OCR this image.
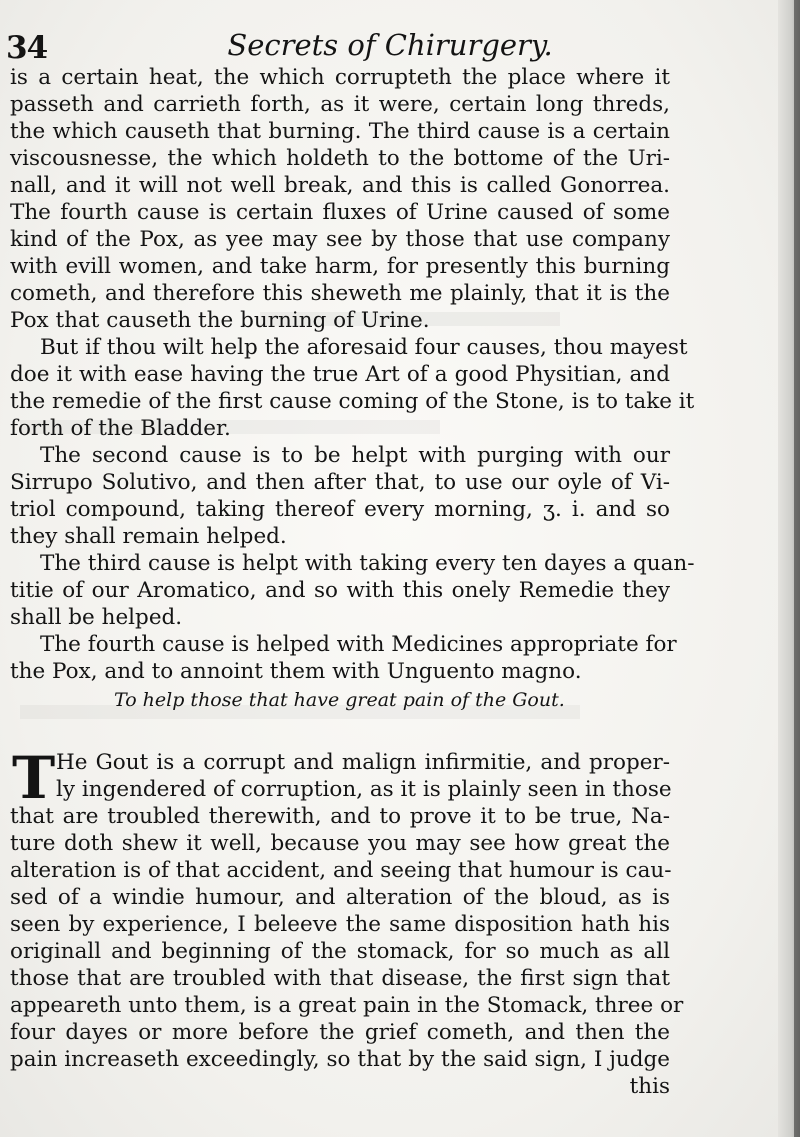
34	Secrets of Chirurgery.
is a certain heat, the which corrupteth the place where it
passeth and carrieth forth, as it were, certain long threds,
the which causeth that burning. The third cause is a certain
viscousnesse, the which holdeth to the bottome of the Uri-
nall, and it will not well break, and this is called Gonorrea.
The fourth cause is certain fluxes of Urine caused of some
kind of the Pox, as yee may see by those that use company
with evill women, and take harm, for presently this burning
cometh, and therefore this sheweth me plainly, that it is the
Pox that causeth the burning of Urine.
But if thou wilt help the aforesaid four causes, thou mayest
doe it with ease having the true Art of a good Physitian, and
the remedie of the first cause coming of the Stone, is to take it
forth of the Bladder.
The second cause is to be helpt with purging with our
Sirrupo Solutivo, and then after that, to use our oyle of Vi-
triol compound, taking thereof every morning, ʒ. i. and so
they shall remain helped.
The third cause is helpt with taking every ten dayes a quan-
titie of our Aromatico, and so with this onely Remedie they
shall be helped.
The fourth cause is helped with Medicines appropriate for
the Pox, and to annoint them with Unguento magno.
To help those that have great pain of the Gout.
T He Gout is a corrupt and malign infirmitie, and proper-
ly ingendered of corruption, as it is plainly seen in those
that are troubled therewith, and to prove it to be true, Na-
ture doth shew it well, because you may see how great the
alteration is of that accident, and seeing that humour is cau-
sed of a windie humour, and alteration of the bloud, as is
seen by experience, I beleeve the same disposition hath his
originall and beginning of the stomack, for so much as all
those that are troubled with that disease, the first sign that
appeareth unto them, is a great pain in the Stomack, three or
four dayes or more before the grief cometh, and then the
pain increaseth exceedingly, so that by the said sign, I judge
this
